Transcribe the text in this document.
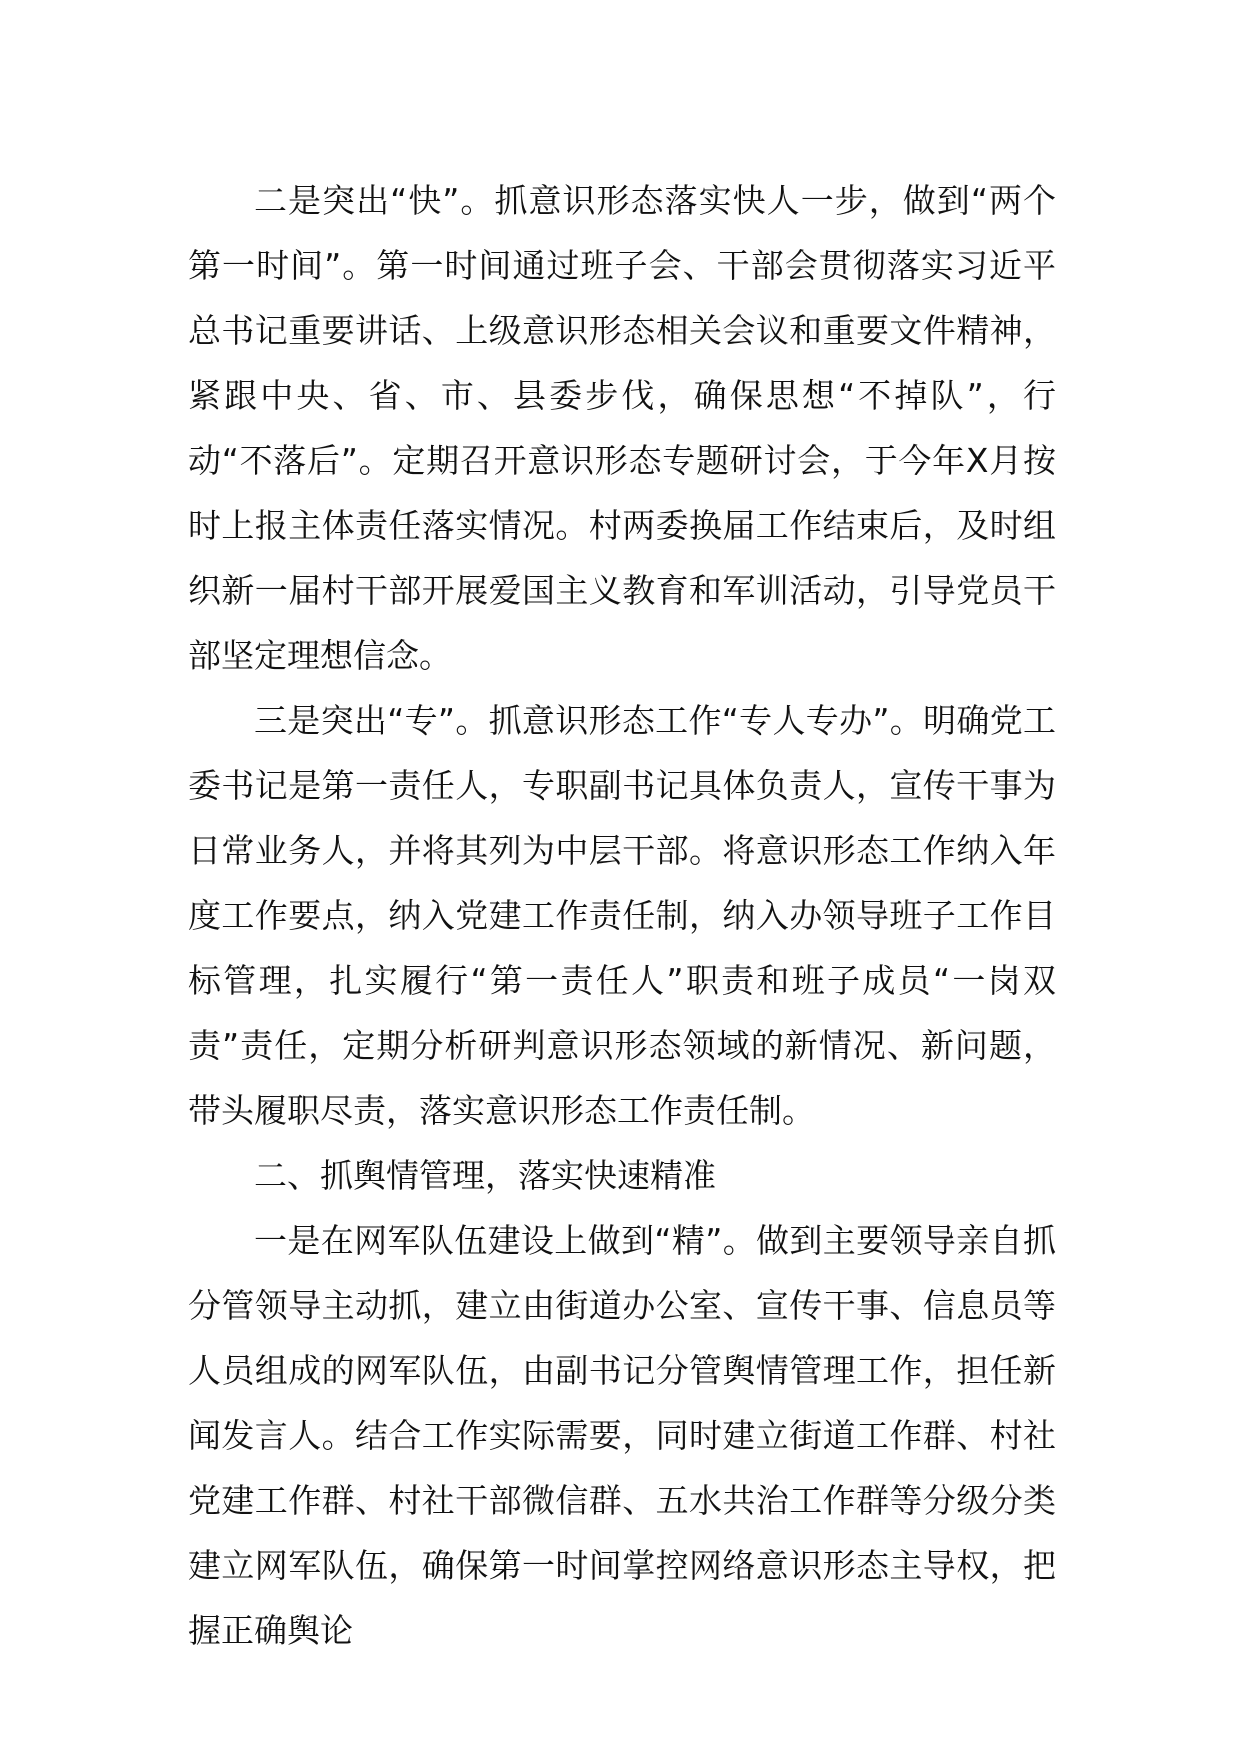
二是突出“快”。抓意识形态落实快人一步，做到“两个第一时间”。第一时间通过班子会、干部会贯彻落实习近平总书记重要讲话、上级意识形态相关会议和重要文件精神，紧跟中央、省、市、县委步伐，确保思想“不掉队”，行动“不落后”。定期召开意识形态专题研讨会，于今年X月按时上报主体责任落实情况。村两委换届工作结束后，及时组织新一届村干部开展爱国主义教育和军训活动，引导党员干部坚定理想信念。

三是突出“专”。抓意识形态工作“专人专办”。明确党工委书记是第一责任人，专职副书记具体负责人，宣传干事为日常业务人，并将其列为中层干部。将意识形态工作纳入年度工作要点，纳入党建工作责任制，纳入办领导班子工作目标管理，扎实履行“第一责任人”职责和班子成员“一岗双责”责任，定期分析研判意识形态领域的新情况、新问题，带头履职尽责，落实意识形态工作责任制。

二、抓舆情管理，落实快速精准

一是在网军队伍建设上做到“精”。做到主要领导亲自抓分管领导主动抓，建立由街道办公室、宣传干事、信息员等人员组成的网军队伍，由副书记分管舆情管理工作，担任新闻发言人。结合工作实际需要，同时建立街道工作群、村社党建工作群、村社干部微信群、五水共治工作群等分级分类建立网军队伍，确保第一时间掌控网络意识形态主导权，把握正确舆论
